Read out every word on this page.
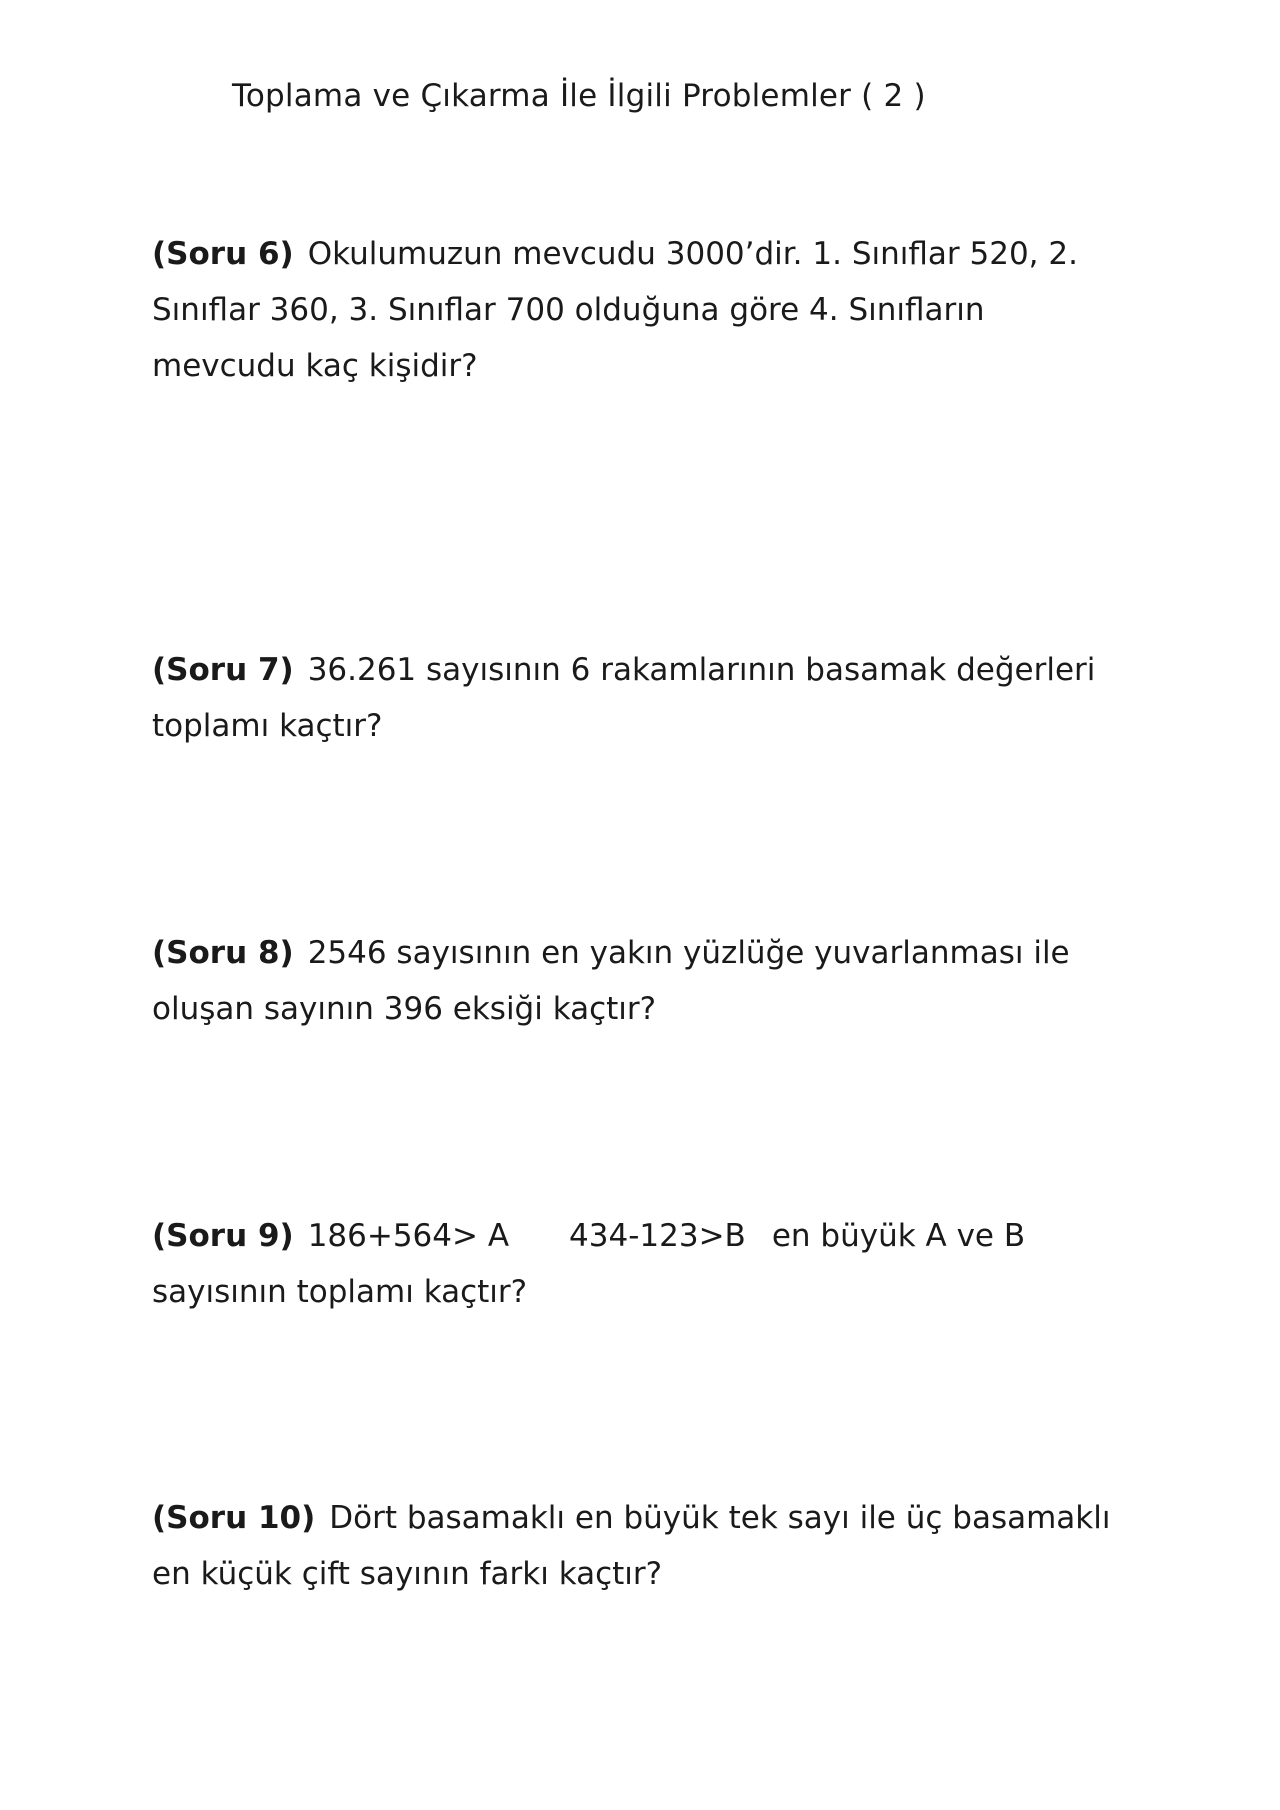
Toplama ve Çıkarma İle İlgili Problemler ( 2 )
(Soru 6) Okulumuzun mevcudu 3000’dir. 1. Sınıflar 520, 2.
Sınıflar 360, 3. Sınıflar 700 olduğuna göre 4. Sınıfların
mevcudu kaç kişidir?
(Soru 7) 36.261 sayısının 6 rakamlarının basamak değerleri
toplamı kaçtır?
(Soru 8) 2546 sayısının en yakın yüzlüğe yuvarlanması ile
oluşan sayının 396 eksiği kaçtır?
(Soru 9) 186+564> A 434-123>B en büyük A ve B
sayısının toplamı kaçtır?
(Soru 10) Dört basamaklı en büyük tek sayı ile üç basamaklı
en küçük çift sayının farkı kaçtır?
